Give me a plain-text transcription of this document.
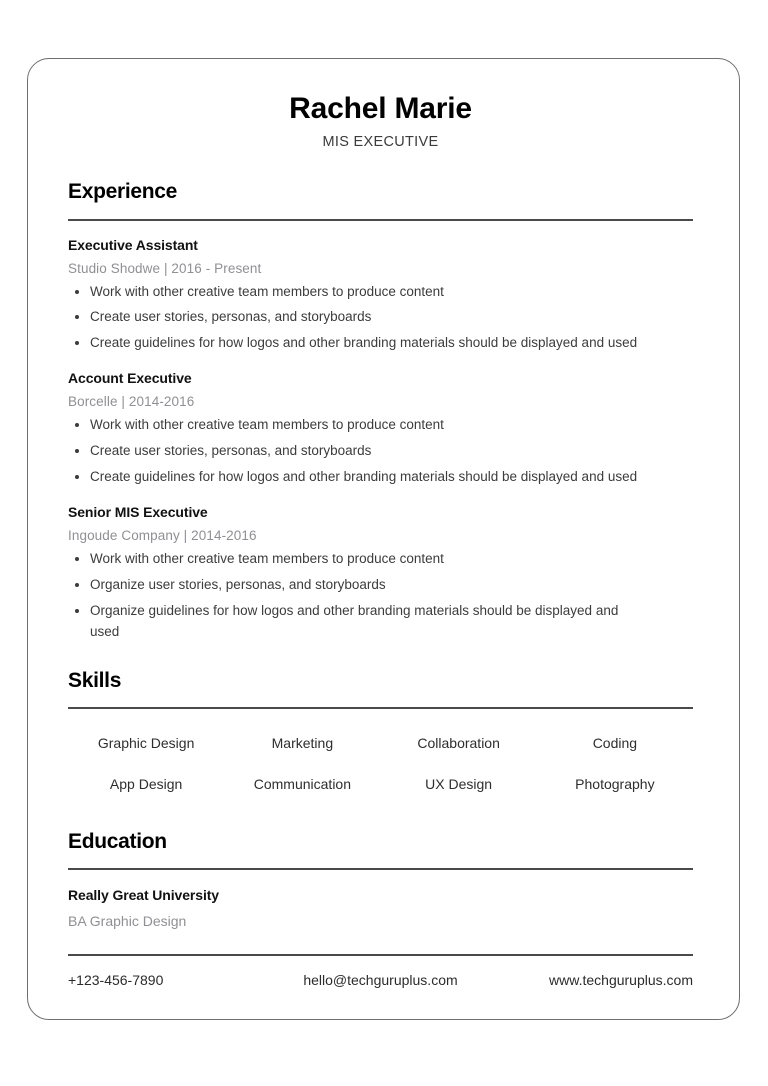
Rachel Marie
MIS EXECUTIVE
Experience
Executive Assistant
Studio Shodwe | 2016 - Present
Work with other creative team members to produce content
Create user stories, personas, and storyboards
Create guidelines for how logos and other branding materials should be displayed and used
Account Executive
Borcelle | 2014-2016
Work with other creative team members to produce content
Create user stories, personas, and storyboards
Create guidelines for how logos and other branding materials should be displayed and used
Senior MIS Executive
Ingoude Company | 2014-2016
Work with other creative team members to produce content
Organize user stories, personas, and storyboards
Organize guidelines for how logos and other branding materials should be displayed and used
Skills
Graphic Design	Marketing	Collaboration	Coding
App Design	Communication	UX Design	Photography
Education
Really Great University
BA Graphic Design
+123-456-7890	hello@techguruplus.com	www.techguruplus.com
